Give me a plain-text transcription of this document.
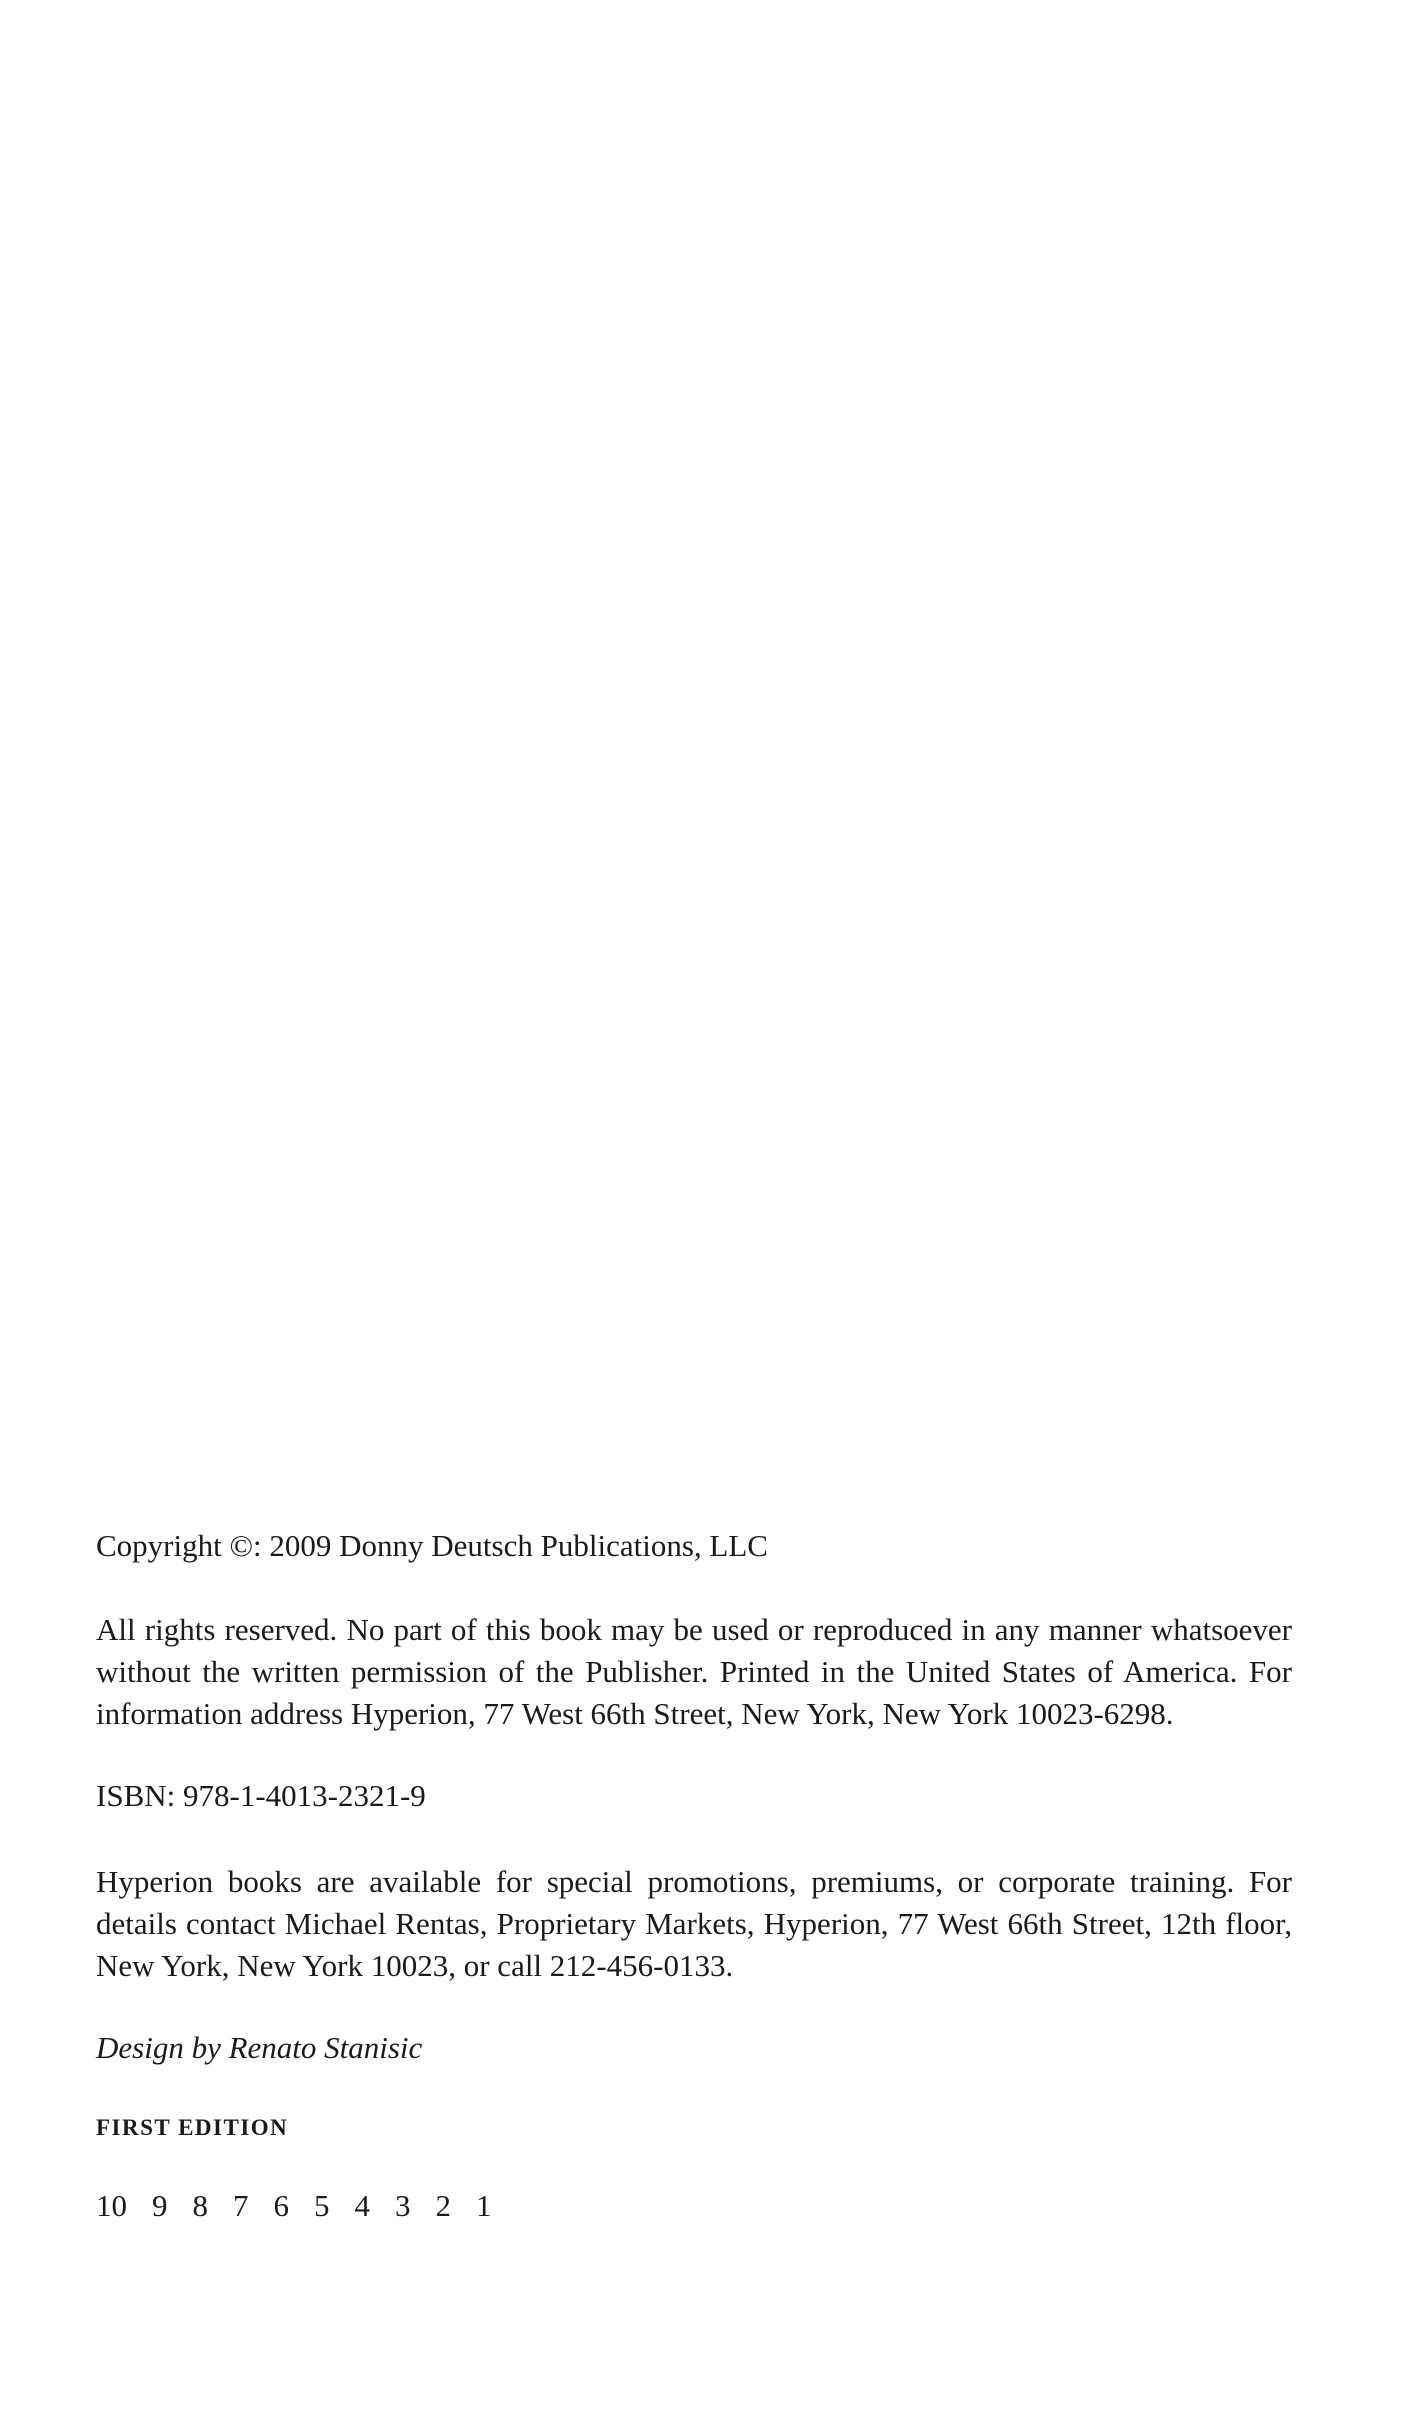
Copyright ©: 2009 Donny Deutsch Publications, LLC

All rights reserved. No part of this book may be used or reproduced in any manner whatsoever without the written permission of the Publisher. Printed in the United States of America. For information address Hyperion, 77 West 66th Street, New York, New York 10023-6298.

ISBN: 978-1-4013-2321-9

Hyperion books are available for special promotions, premiums, or corporate training. For details contact Michael Rentas, Proprietary Markets, Hyperion, 77 West 66th Street, 12th floor, New York, New York 10023, or call 212-456-0133.

Design by Renato Stanisic

FIRST EDITION

10 9 8 7 6 5 4 3 2 1
